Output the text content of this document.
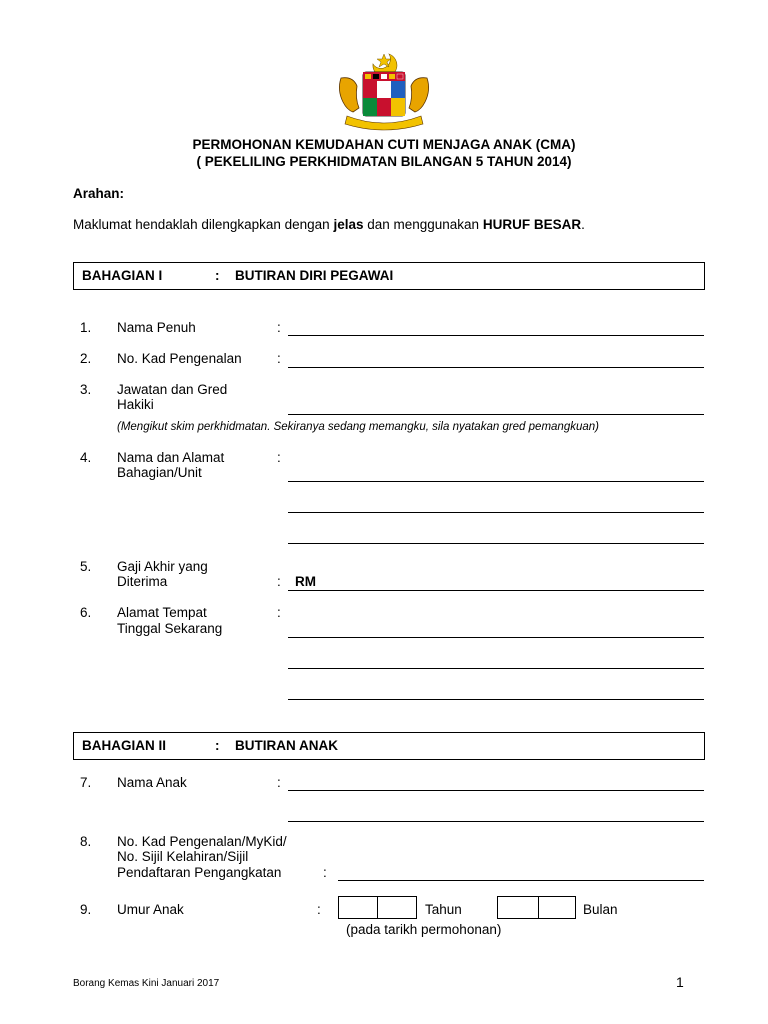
PERMOHONAN KEMUDAHAN CUTI MENJAGA ANAK (CMA)
( PEKELILING PERKHIDMATAN BILANGAN 5 TAHUN 2014)
Arahan:
Maklumat hendaklah dilengkapkan dengan jelas dan menggunakan HURUF BESAR.
BAHAGIAN I	: BUTIRAN DIRI PEGAWAI
1. Nama Penuh	:
2. No. Kad Pengenalan	:
3. Jawatan dan Gred
Hakiki
(Mengikut skim perkhidmatan. Sekiranya sedang memangku, sila nyatakan gred pemangkuan)
4. Nama dan Alamat
Bahagian/Unit
:
5. Gaji Akhir yang
Diterima	: RM
6. Alamat Tempat
Tinggal Sekarang
:
BAHAGIAN II	: BUTIRAN ANAK
7. Nama Anak	:
8. No. Kad Pengenalan/MyKid/
No. Sijil Kelahiran/Sijil
Pendaftaran Pengangkatan	:
9. Umur Anak	:	Tahun	Bulan
(pada tarikh permohonan)
Borang Kemas Kini Januari 2017	1
